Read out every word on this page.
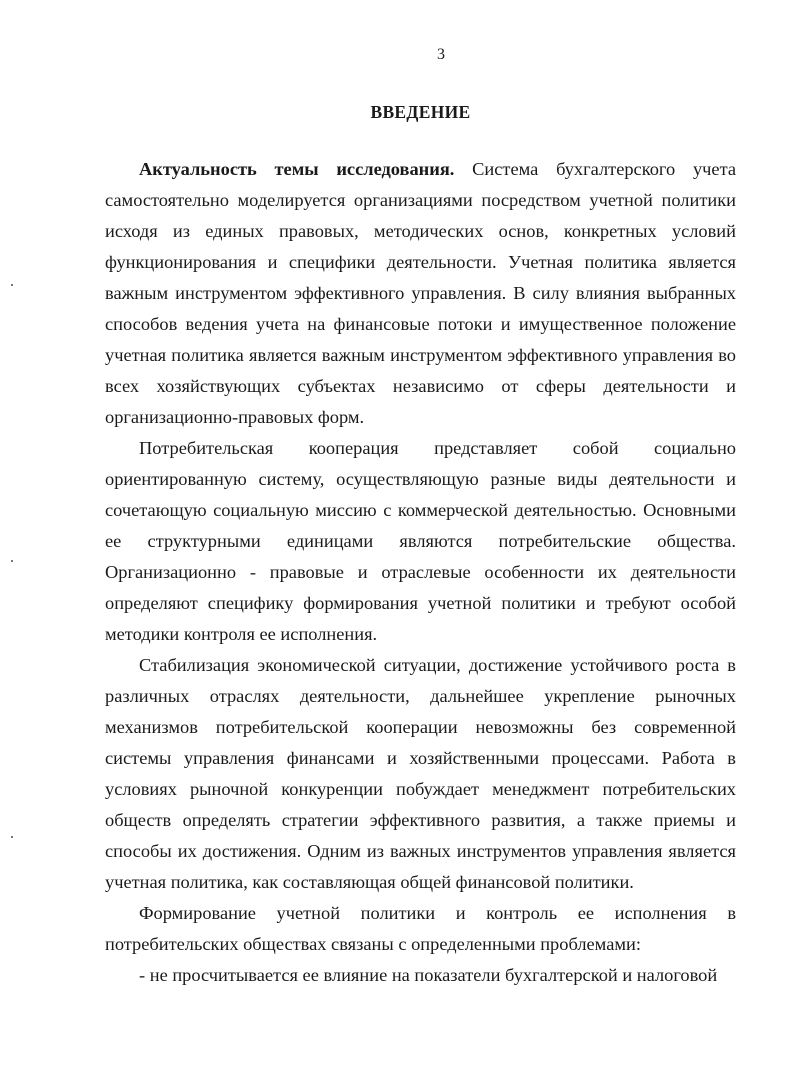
3
ВВЕДЕНИЕ

Актуальность темы исследования. Система бухгалтерского учета самостоятельно моделируется организациями посредством учетной политики исходя из единых правовых, методических основ, конкретных условий функционирования и специфики деятельности. Учетная политика является важным инструментом эффективного управления. В силу влияния выбранных способов ведения учета на финансовые потоки и имущественное положение учетная политика является важным инструментом эффективного управления во всех хозяйствующих субъектах независимо от сферы деятельности и организационно-правовых форм.

Потребительская кооперация представляет собой социально ориентированную систему, осуществляющую разные виды деятельности и сочетающую социальную миссию с коммерческой деятельностью. Основными ее структурными единицами являются потребительские общества. Организационно - правовые и отраслевые особенности их деятельности определяют специфику формирования учетной политики и требуют особой методики контроля ее исполнения.

Стабилизация экономической ситуации, достижение устойчивого роста в различных отраслях деятельности, дальнейшее укрепление рыночных механизмов потребительской кооперации невозможны без современной системы управления финансами и хозяйственными процессами. Работа в условиях рыночной конкуренции побуждает менеджмент потребительских обществ определять стратегии эффективного развития, а также приемы и способы их достижения. Одним из важных инструментов управления является учетная политика, как составляющая общей финансовой политики.

Формирование учетной политики и контроль ее исполнения в потребительских обществах связаны с определенными проблемами:

- не просчитывается ее влияние на показатели бухгалтерской и налоговой
